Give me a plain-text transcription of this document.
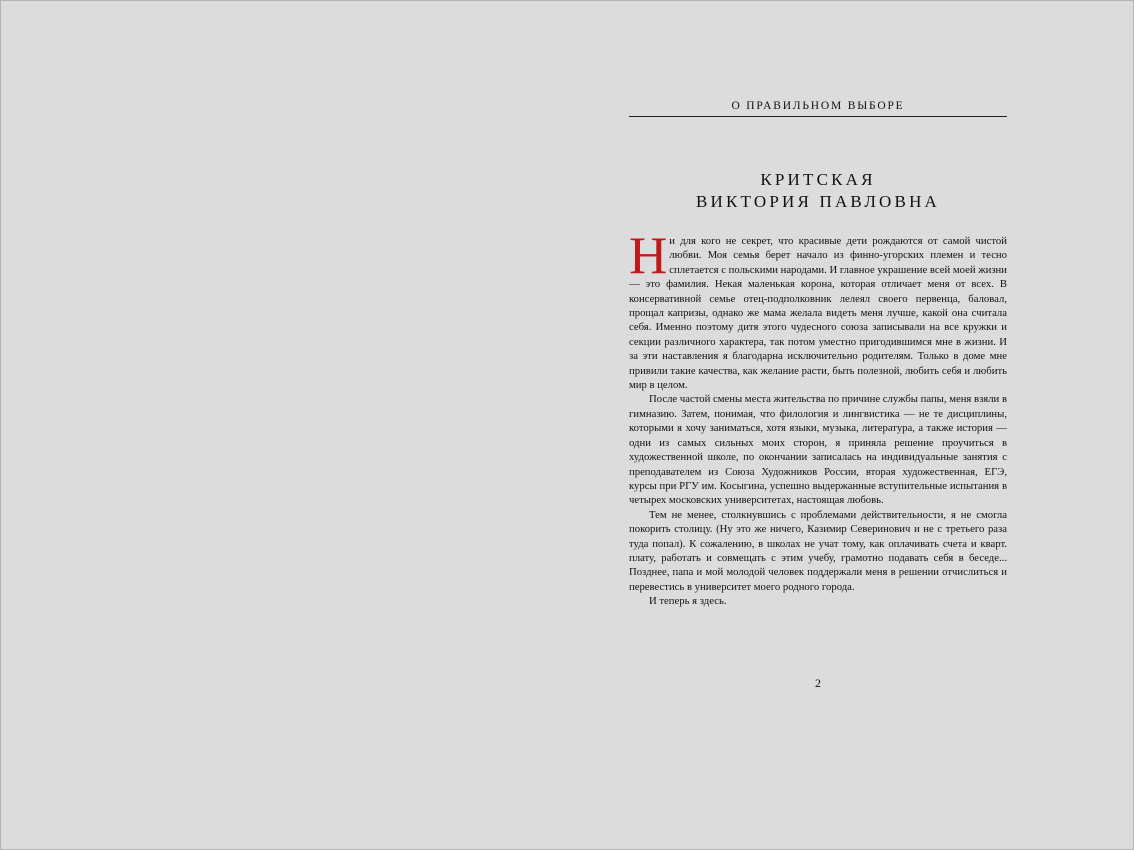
О ПРАВИЛЬНОМ ВЫБОРЕ
КРИТСКАЯ
ВИКТОРИЯ ПАВЛОВНА

Ни для кого не секрет, что красивые дети рождаются от самой чистой любви. Моя семья берет начало из финно-угорских племен и тесно сплетается с польскими народами. И главное украшение всей моей жизни — это фамилия. Некая маленькая корона, которая отличает меня от всех. В консервативной семье отец-подполковник лелеял своего первенца, баловал, прощал капризы, однако же мама желала видеть меня лучше, какой она считала себя. Именно поэтому дитя этого чудесного союза записывали на все кружки и секции различного характера, так потом уместно пригодившимся мне в жизни. И за эти наставления я благодарна исключительно родителям. Только в доме мне привили такие качества, как желание расти, быть полезной, любить себя и любить мир в целом.

После частой смены места жительства по причине службы папы, меня взяли в гимназию. Затем, понимая, что филология и лингвистика — не те дисциплины, которыми я хочу заниматься, хотя языки, музыка, литература, а также история — одни из самых сильных моих сторон, я приняла решение проучиться в художественной школе, по окончании записалась на индивидуальные занятия с преподавателем из Союза Художников России, вторая художественная, ЕГЭ, курсы при РГУ им. Косыгина, успешно выдержанные вступительные испытания в четырех московских университетах, настоящая любовь.

Тем не менее, столкнувшись с проблемами действительности, я не смогла покорить столицу. (Ну это же ничего, Казимир Северинович и не с третьего раза туда попал). К сожалению, в школах не учат тому, как оплачивать счета и кварт. плату, работать и совмещать с этим учебу, грамотно подавать себя в беседе... Позднее, папа и мой молодой человек поддержали меня в решении отчислиться и перевестись в университет моего родного города.

И теперь я здесь.

2
